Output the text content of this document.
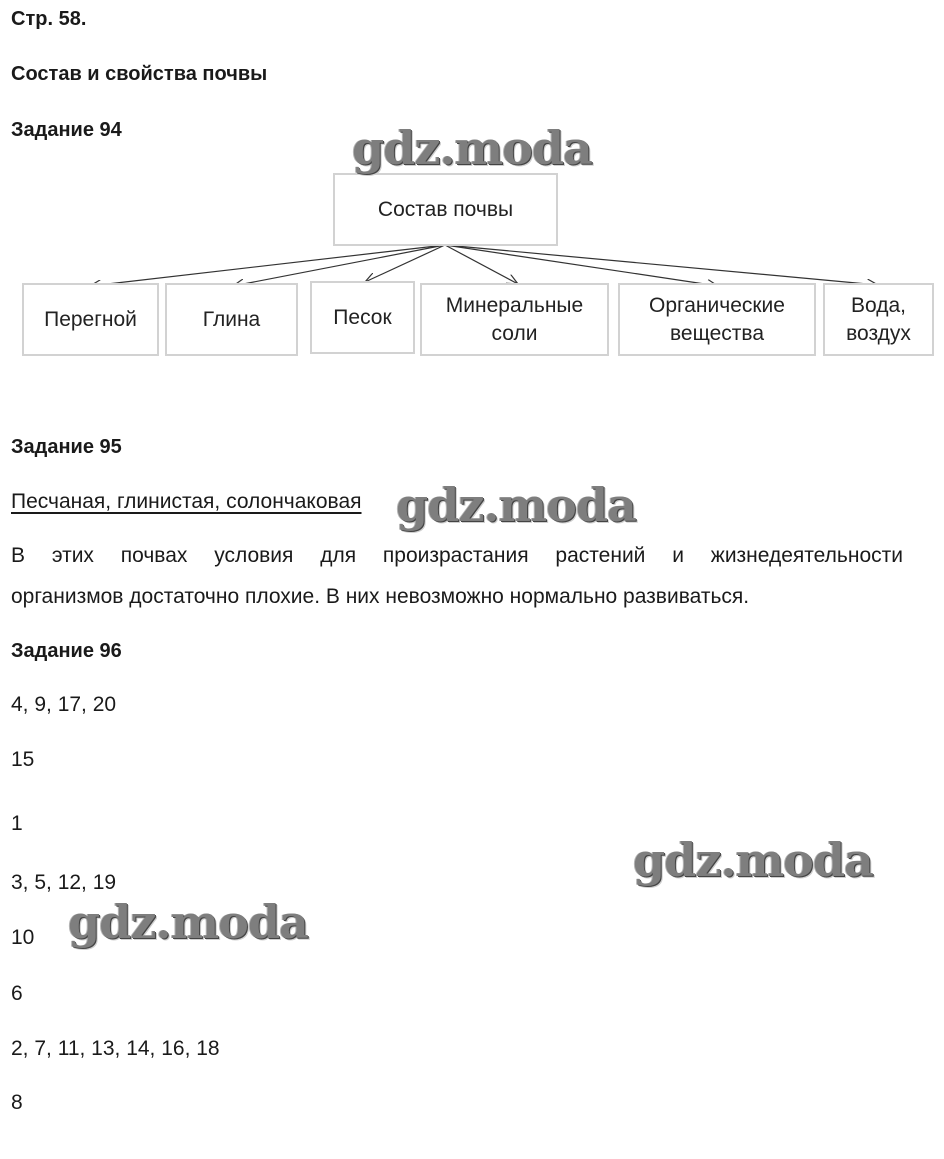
Стр. 58.
Состав и свойства почвы
Задание 94
Состав почвы
Перегной	Глина	Песок
Минеральные
соли
Органические
вещества
Вода,
воздух
Задание 95
Песчаная, глинистая, солончаковая
В этих почвах условия для произрастания растений и жизнедеятельности
организмов достаточно плохие. В них невозможно нормально развиваться.
Задание 96
4, 9, 17, 20
15
1
3, 5, 12, 19
10
6
2, 7, 11, 13, 14, 16, 18
8
gdz.moda
gdz.moda
gdz.moda
gdz.moda
